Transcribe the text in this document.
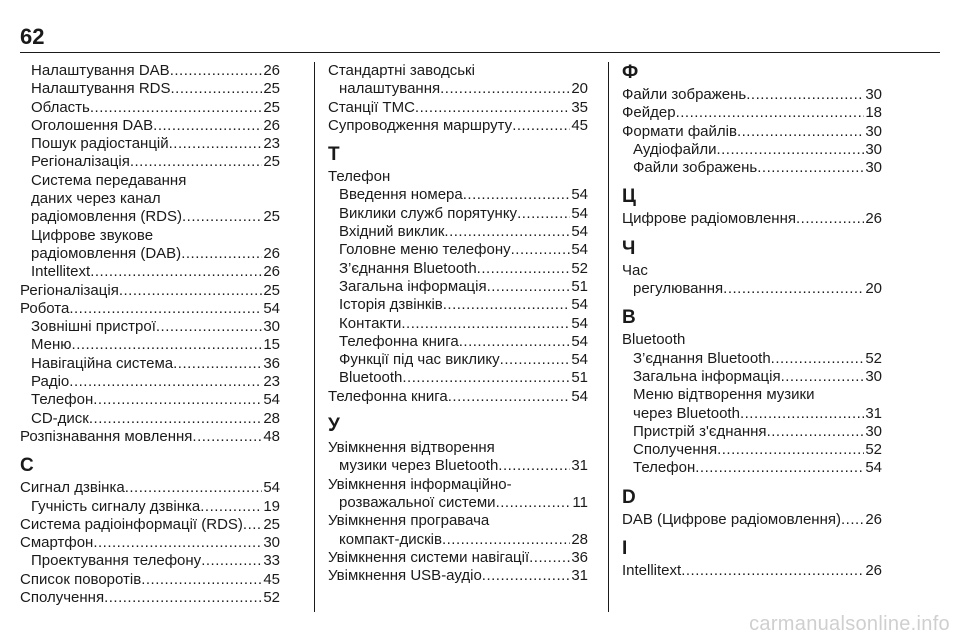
62
Налаштування DAB .....	26
Налаштування RDS .....	25
Область .....	25
Оголошення DAB .....	26
Пошук радіостанцій .....	23
Регіоналізація .....	25
Система передавання
даних через канал
радіомовлення (RDS) .....	25
Цифрове звукове
радіомовлення (DAB) .....	26
Intellitext .....	26
Регіоналізація .....	25
Робота .....	54
Зовнішні пристрої .....	30
Меню .....	15
Навігаційна система .....	36
Радіо .....	23
Телефон .....	54
CD-диск .....	28
Розпізнавання мовлення .....	48
С
Сигнал дзвінка .....	54
Гучність сигналу дзвінка .....	19
Система радіоінформації (RDS) ..... 25
Смартфон .....	30
Проектування телефону .....	33
Список поворотів .....	45
Сполучення .....	52
Стандартні заводські
налаштування .....	20
Станції TMC .....	35
Супроводження маршруту .....	45
Т
Телефон
Введення номера .....	54
Виклики служб порятунку .....	54
Вхідний виклик .....	54
Головне меню телефону .....	54
З’єднання Bluetooth .....	52
Загальна інформація .....	51
Історія дзвінків .....	54
Контакти .....	54
Телефонна книга .....	54
Функції під час виклику .....	54
Bluetooth .....	51
Телефонна книга .....	54
У
Увімкнення відтворення
музики через Bluetooth .....	31
Увімкнення інформаційно-
розважальної системи .....	11
Увімкнення програвача
компакт-дисків .....	28
Увімкнення системи навігації .....	36
Увімкнення USB-аудіо .....	31
Ф
Файли зображень .....	30
Фейдер .....	18
Формати файлів .....	30
Аудіофайли .....	30
Файли зображень .....	30
Ц
Цифрове радіомовлення .....	26
Ч
Час
регулювання .....	20
B
Bluetooth
З’єднання Bluetooth .....	52
Загальна інформація .....	30
Меню відтворення музики
через Bluetooth .....	31
Пристрій з'єднання .....	30
Сполучення .....	52
Телефон .....	54
D
DAB (Цифрове радіомовлення) ..... 26
I
Intellitext .....	26
carmanualsonline.info
